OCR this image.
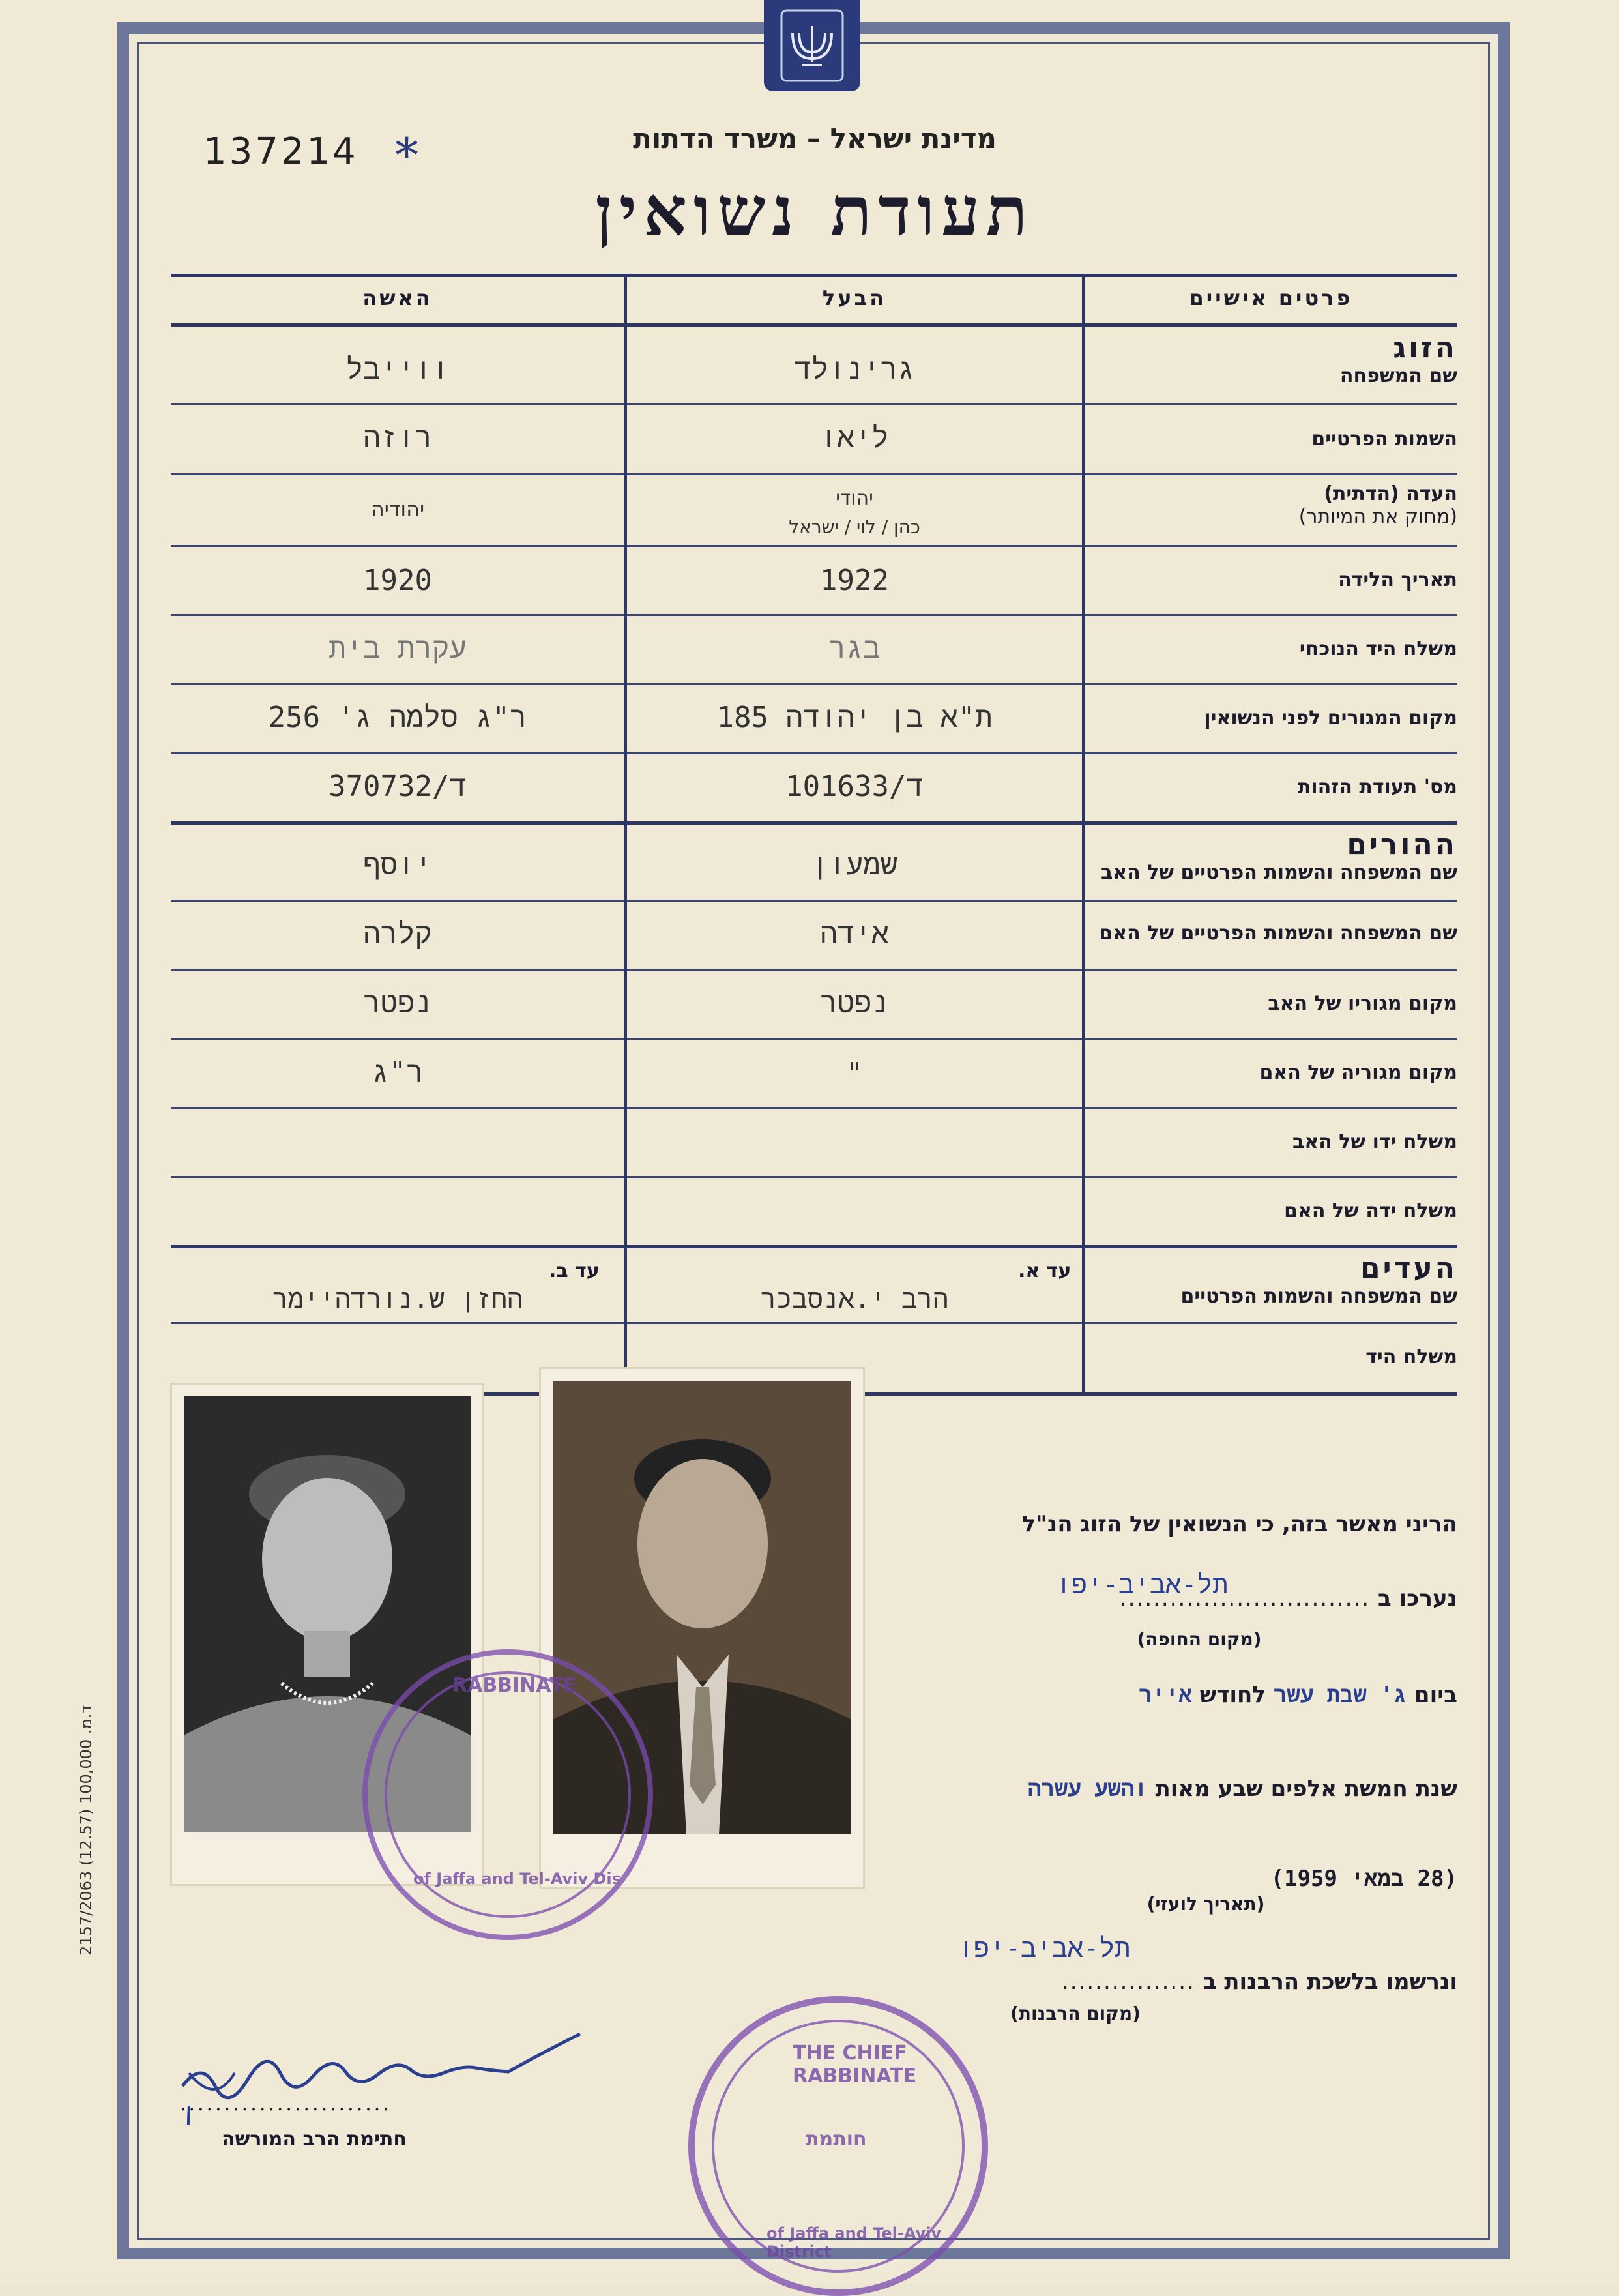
137214 *	מדינת ישראל – משרד הדתות
תעודת נשואין
פרטים אישיים
הבעל
האשה
הזוג
שם המשפחה
גרינולד
ווייבל
השמות הפרטיים
ליאו
רוזה
העדה (הדתית)
(מחוק את המיותר)
יהודי
כהן / לוי / ישראל
יהודיה
תאריך הלידה
1922
1920
משלח היד הנוכחי
בגר
עקרת בית
מקום המגורים לפני הנשואין
ת"א בן יהודה 185
ר"ג סלמה ג' 256
מס' תעודת הזהות
ד/101633
ד/370732
ההורים
שם המשפחה והשמות הפרטיים של האב
שמעון
יוסף
שם המשפחה והשמות הפרטיים של האם
אידה
קלרה
מקום מגוריו של האב
נפטר
נפטר
מקום מגוריה של האם
"
ר"ג
משלח ידו של האב
משלח ידה של האם
העדים
שם המשפחה והשמות הפרטיים
עד א.
הרב י.אנסבכר
עד ב.
החזן ש.נורדהיימר
משלח היד
RABBINATE
of Jaffa and Tel-Aviv Dis
הריני מאשר בזה, כי הנשואין של הזוג הנ"ל
נערכו ב ..............................
תל-אביב-יפו
(מקום החופה)
ביום ג' שבת עשר לחודש אייר
שנת חמשת אלפים שבע מאות והשע עשרה
(28 במאי 1959)
(תאריך לועזי)
תל-אביב-יפו
ונרשמו בלשכת הרבנות ב ................
(מקום הרבנות)
........................
חתימת הרב המורשה
THE CHIEF RABBINATE
חותמת
of Jaffa and Tel-Aviv District
ד.מ. 100,000 (12.57) 2157/2063
